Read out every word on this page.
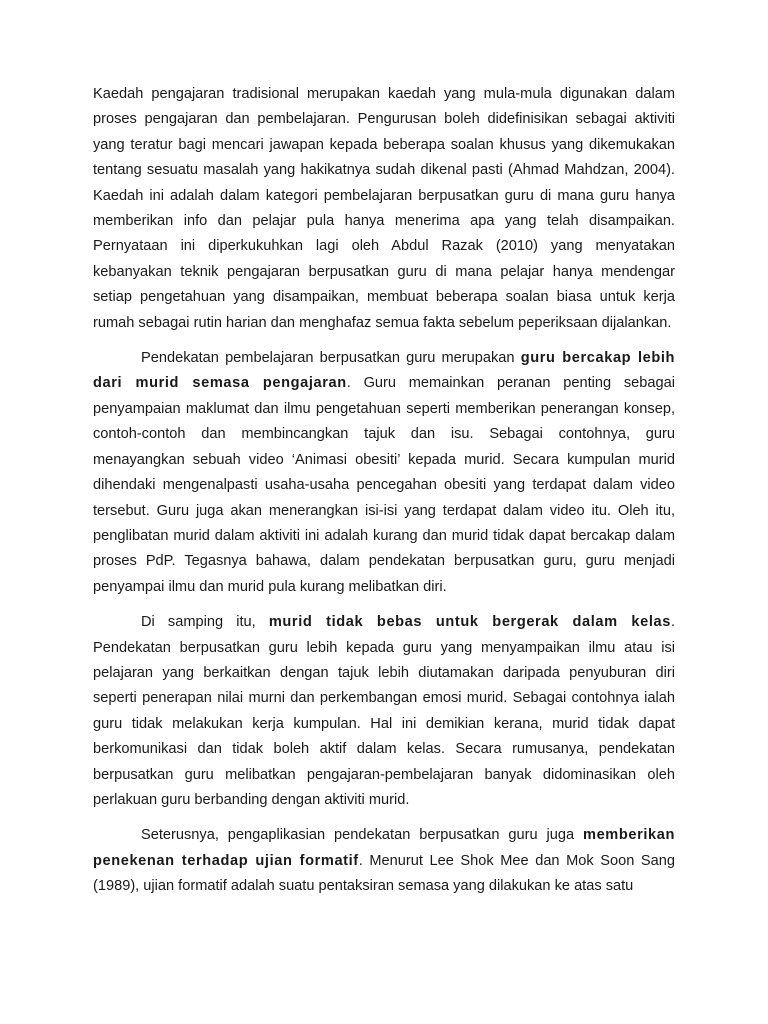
Kaedah pengajaran tradisional merupakan kaedah yang mula-mula digunakan dalam proses pengajaran dan pembelajaran. Pengurusan boleh didefinisikan sebagai aktiviti yang teratur bagi mencari jawapan kepada beberapa soalan khusus yang dikemukakan tentang sesuatu masalah yang hakikatnya sudah dikenal pasti (Ahmad Mahdzan, 2004). Kaedah ini adalah dalam kategori pembelajaran berpusatkan guru di mana guru hanya memberikan info dan pelajar pula hanya menerima apa yang telah disampaikan. Pernyataan ini diperkukuhkan lagi oleh Abdul Razak (2010) yang menyatakan kebanyakan teknik pengajaran berpusatkan guru di mana pelajar hanya mendengar setiap pengetahuan yang disampaikan, membuat beberapa soalan biasa untuk kerja rumah sebagai rutin harian dan menghafaz semua fakta sebelum peperiksaan dijalankan.

Pendekatan pembelajaran berpusatkan guru merupakan guru bercakap lebih dari murid semasa pengajaran. Guru memainkan peranan penting sebagai penyampaian maklumat dan ilmu pengetahuan seperti memberikan penerangan konsep, contoh-contoh dan membincangkan tajuk dan isu. Sebagai contohnya, guru menayangkan sebuah video ‘Animasi obesiti’ kepada murid. Secara kumpulan murid dihendaki mengenalpasti usaha-usaha pencegahan obesiti yang terdapat dalam video tersebut. Guru juga akan menerangkan isi-isi yang terdapat dalam video itu. Oleh itu, penglibatan murid dalam aktiviti ini adalah kurang dan murid tidak dapat bercakap dalam proses PdP. Tegasnya bahawa, dalam pendekatan berpusatkan guru, guru menjadi penyampai ilmu dan murid pula kurang melibatkan diri.

Di samping itu, murid tidak bebas untuk bergerak dalam kelas. Pendekatan berpusatkan guru lebih kepada guru yang menyampaikan ilmu atau isi pelajaran yang berkaitkan dengan tajuk lebih diutamakan daripada penyuburan diri seperti penerapan nilai murni dan perkembangan emosi murid. Sebagai contohnya ialah guru tidak melakukan kerja kumpulan. Hal ini demikian kerana, murid tidak dapat berkomunikasi dan tidak boleh aktif dalam kelas. Secara rumusanya, pendekatan berpusatkan guru melibatkan pengajaran-pembelajaran banyak didominasikan oleh perlakuan guru berbanding dengan aktiviti murid.

Seterusnya, pengaplikasian pendekatan berpusatkan guru juga memberikan penekenan terhadap ujian formatif. Menurut Lee Shok Mee dan Mok Soon Sang (1989), ujian formatif adalah suatu pentaksiran semasa yang dilakukan ke atas satu
